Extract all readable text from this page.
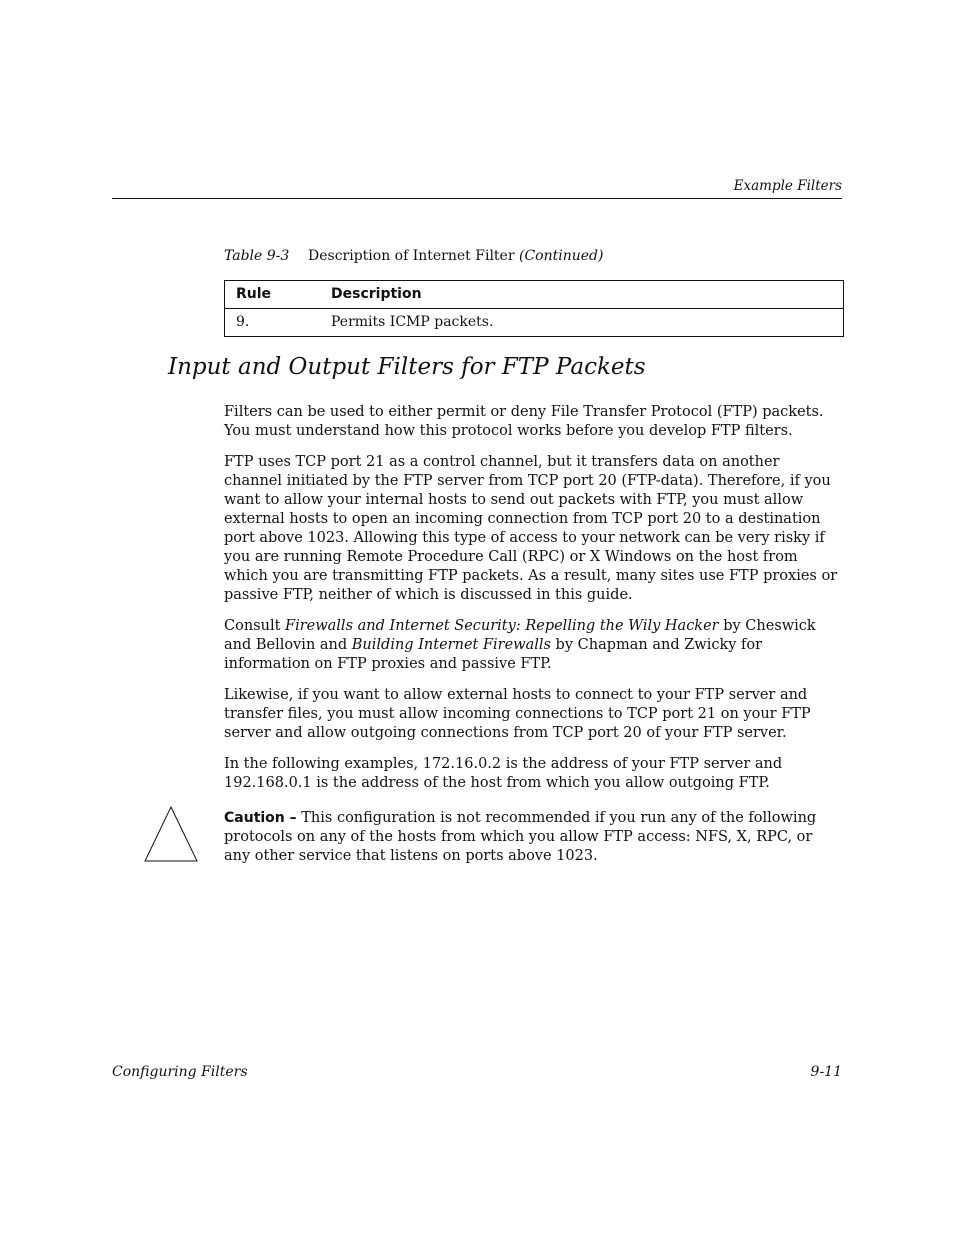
Example Filters
Table 9-3 Description of Internet Filter (Continued)
Rule	Description
9.	Permits ICMP packets.
Input and Output Filters for FTP Packets

Filters can be used to either permit or deny File Transfer Protocol (FTP) packets. You must understand how this protocol works before you develop FTP filters.

FTP uses TCP port 21 as a control channel, but it transfers data on another channel initiated by the FTP server from TCP port 20 (FTP-data). Therefore, if you want to allow your internal hosts to send out packets with FTP, you must allow external hosts to open an incoming connection from TCP port 20 to a destination port above 1023. Allowing this type of access to your network can be very risky if you are running Remote Procedure Call (RPC) or X Windows on the host from which you are transmitting FTP packets. As a result, many sites use FTP proxies or passive FTP, neither of which is discussed in this guide.

Consult Firewalls and Internet Security: Repelling the Wily Hacker by Cheswick and Bellovin and Building Internet Firewalls by Chapman and Zwicky for information on FTP proxies and passive FTP.

Likewise, if you want to allow external hosts to connect to your FTP server and transfer files, you must allow incoming connections to TCP port 21 on your FTP server and allow outgoing connections from TCP port 20 of your FTP server.

In the following examples, 172.16.0.2 is the address of your FTP server and 192.168.0.1 is the address of the host from which you allow outgoing FTP.

Caution – This configuration is not recommended if you run any of the following protocols on any of the hosts from which you allow FTP access: NFS, X, RPC, or any other service that listens on ports above 1023.
Configuring Filters	9-11
